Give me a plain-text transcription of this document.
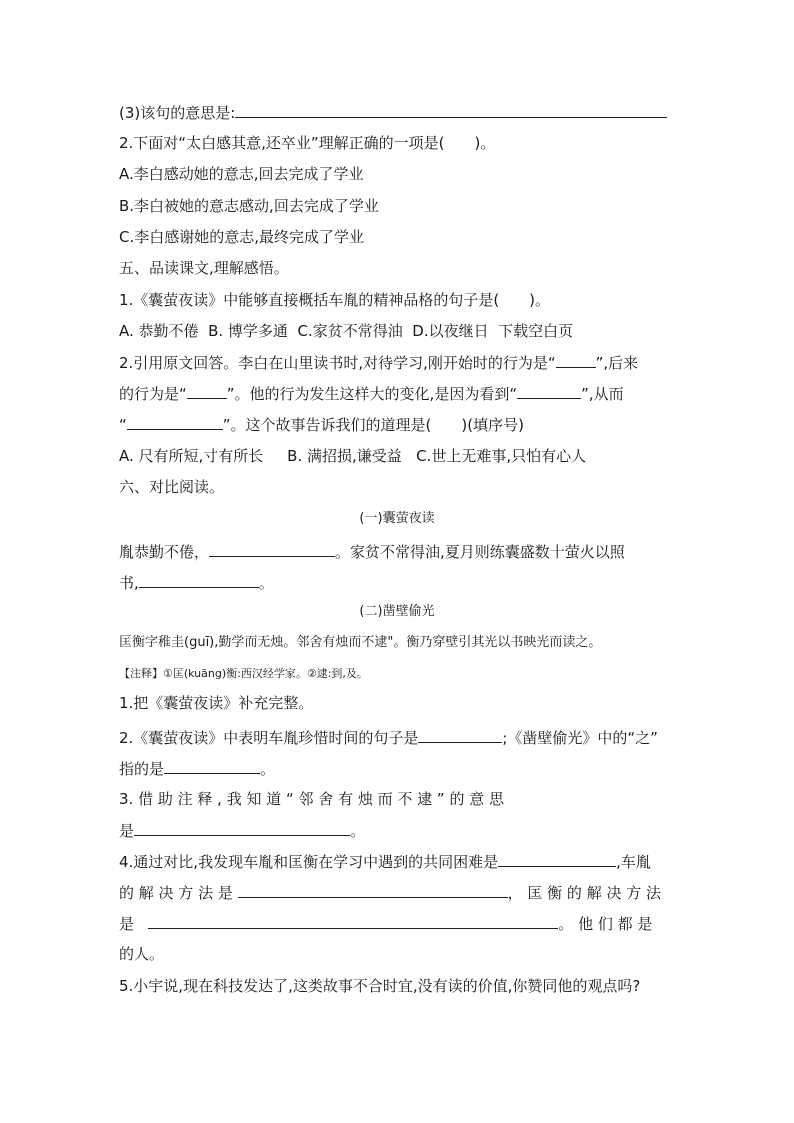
(3)该句的意思是:
2.下面对“太白感其意,还卒业”理解正确的一项是(　　)。
A.李白感动她的意志,回去完成了学业
B.李白被她的意志感动,回去完成了学业
C.李白感谢她的意志,最终完成了学业
五、品读课文,理解感悟。
1.《囊萤夜读》中能够直接概括车胤的精神品格的句子是(　　)。
A. 恭勤不倦 B. 博学多通 C.家贫不常得油 D.以夜继日 下载空白页
2.引用原文回答。李白在山里读书时,对待学习,刚开始时的行为是“	”,后来
的行为是“	”。他的行为发生这样大的变化,是因为看到“	”,从而
“	”。这个故事告诉我们的道理是(　　)(填序号)
A. 尺有所短,寸有所长 B. 满招损,谦受益 C.世上无难事,只怕有心人
六、对比阅读。
(一)囊萤夜读
胤恭勤不倦，	。家贫不常得油,夏月则练囊盛数十萤火以照
书,	。
(二)凿壁偷光
匡衡字稚圭(guī),勤学而无烛。邻舍有烛而不逮"。衡乃穿壁引其光以书映光而读之。
【注释】①匡(kuāng)衡:西汉经学家。②逮:到,及。
1.把《囊萤夜读》补充完整。
2.《囊萤夜读》中表明车胤珍惜时间的句子是	;《凿壁偷光》中的“之”
指的是	。
3. 借 助 注 释 , 我 知 道 “ 邻 舍 有 烛 而 不 逮 ” 的 意 思
是	。
4.通过对比,我发现车胤和匡衡在学习中遇到的共同困难是	,车胤
的 解 决 方 法 是	， 匡 衡 的 解 决 方 法
是	。 他 们 都 是
的人。
5.小宇说,现在科技发达了,这类故事不合时宜,没有读的价值,你赞同他的观点吗?
